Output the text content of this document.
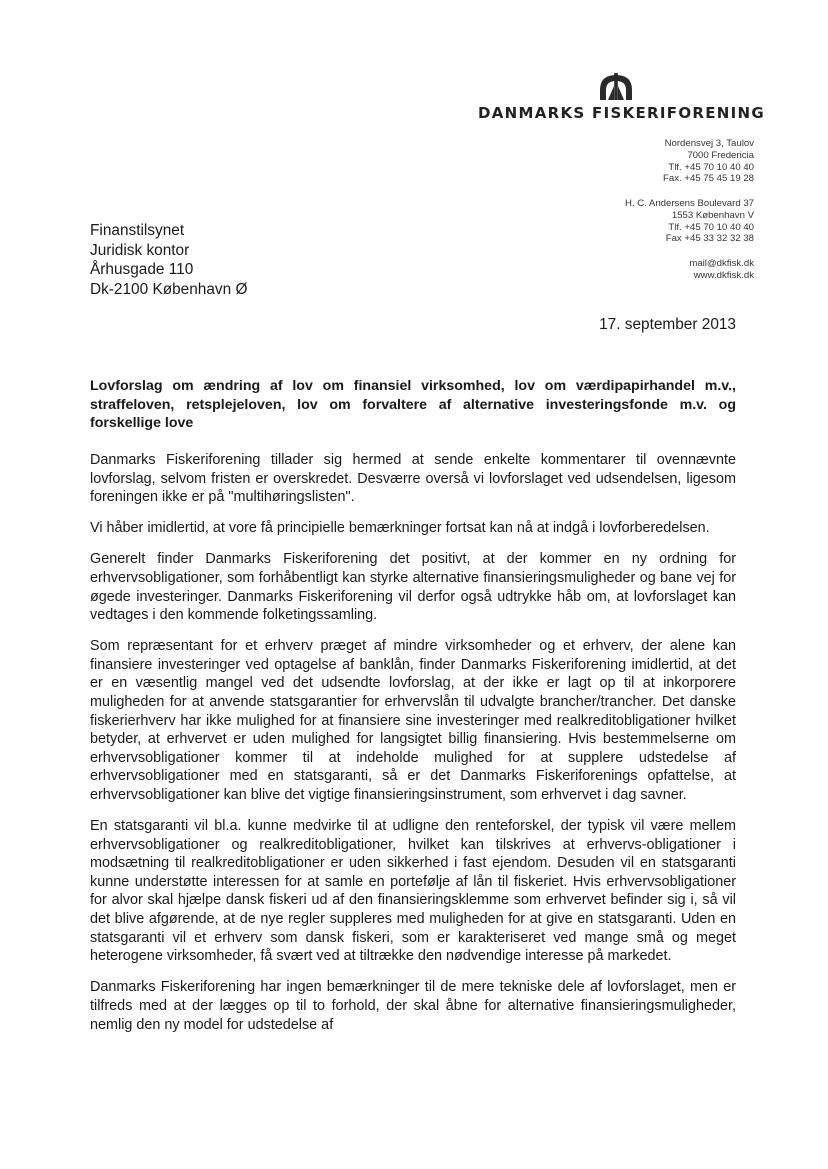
DANMARKS FISKERIFORENING
Nordensvej 3, Taulov
7000 Fredericia
Tlf. +45 70 10 40 40
Fax. +45 75 45 19 28
H. C. Andersens Boulevard 37
1553 København V
Tlf. +45 70 10 40 40
Fax +45 33 32 32 38
mail@dkfisk.dk
www.dkfisk.dk
Finanstilsynet
Juridisk kontor
Århusgade 110
Dk-2100 København Ø
17. september 2013
Lovforslag om ændring af lov om finansiel virksomhed, lov om værdipapirhandel m.v., straffeloven, retsplejeloven, lov om forvaltere af alternative investeringsfonde m.v. og forskellige love

Danmarks Fiskeriforening tillader sig hermed at sende enkelte kommentarer til ovennævnte lovforslag, selvom fristen er overskredet. Desværre overså vi lovforslaget ved udsendelsen, ligesom foreningen ikke er på "multihøringslisten".

Vi håber imidlertid, at vore få principielle bemærkninger fortsat kan nå at indgå i lovforberedelsen.

Generelt finder Danmarks Fiskeriforening det positivt, at der kommer en ny ordning for erhvervsobligationer, som forhåbentligt kan styrke alternative finansieringsmuligheder og bane vej for øgede investeringer. Danmarks Fiskeriforening vil derfor også udtrykke håb om, at lovforslaget kan vedtages i den kommende folketingssamling.

Som repræsentant for et erhverv præget af mindre virksomheder og et erhverv, der alene kan finansiere investeringer ved optagelse af banklån, finder Danmarks Fiskeriforening imidlertid, at det er en væsentlig mangel ved det udsendte lovforslag, at der ikke er lagt op til at inkorporere muligheden for at anvende statsgarantier for erhvervslån til udvalgte brancher/trancher. Det danske fiskerierhverv har ikke mulighed for at finansiere sine investeringer med realkreditobligationer hvilket betyder, at erhvervet er uden mulighed for langsigtet billig finansiering. Hvis bestemmelserne om erhvervsobligationer kommer til at indeholde mulighed for at supplere udstedelse af erhvervsobligationer med en statsgaranti, så er det Danmarks Fiskeriforenings opfattelse, at erhvervsobligationer kan blive det vigtige finansieringsinstrument, som erhvervet i dag savner.

En statsgaranti vil bl.a. kunne medvirke til at udligne den renteforskel, der typisk vil være mellem erhvervsobligationer og realkreditobligationer, hvilket kan tilskrives at erhvervs-obligationer i modsætning til realkreditobligationer er uden sikkerhed i fast ejendom. Desuden vil en statsgaranti kunne understøtte interessen for at samle en portefølje af lån til fiskeriet. Hvis erhvervsobligationer for alvor skal hjælpe dansk fiskeri ud af den finansieringsklemme som erhvervet befinder sig i, så vil det blive afgørende, at de nye regler suppleres med muligheden for at give en statsgaranti. Uden en statsgaranti vil et erhverv som dansk fiskeri, som er karakteriseret ved mange små og meget heterogene virksomheder, få svært ved at tiltrække den nødvendige interesse på markedet.

Danmarks Fiskeriforening har ingen bemærkninger til de mere tekniske dele af lovforslaget, men er tilfreds med at der lægges op til to forhold, der skal åbne for alternative finansieringsmuligheder, nemlig den ny model for udstedelse af
